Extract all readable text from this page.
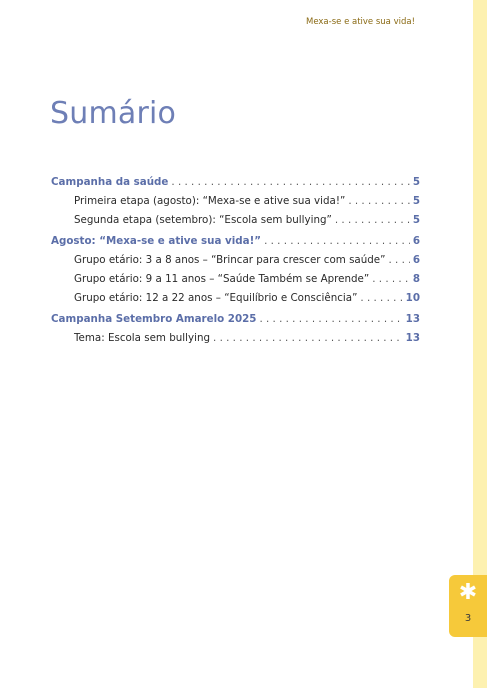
Mexa-se e ative sua vida!
Sumário
Campanha da saúde . . .	5
Primeira etapa (agosto): “Mexa-se e ative sua vida!” . . .	5
Segunda etapa (setembro): “Escola sem bullying” . . .	5
Agosto: “Mexa-se e ative sua vida!” . . .	6
Grupo etário: 3 a 8 anos – “Brincar para crescer com saúde” . . .	6
Grupo etário: 9 a 11 anos – “Saúde Também se Aprende” . . .	8
Grupo etário: 12 a 22 anos – “Equilíbrio e Consciência” . . .	10
Campanha Setembro Amarelo 2025 . . .	13
Tema: Escola sem bullying . . .	13
✱
3
